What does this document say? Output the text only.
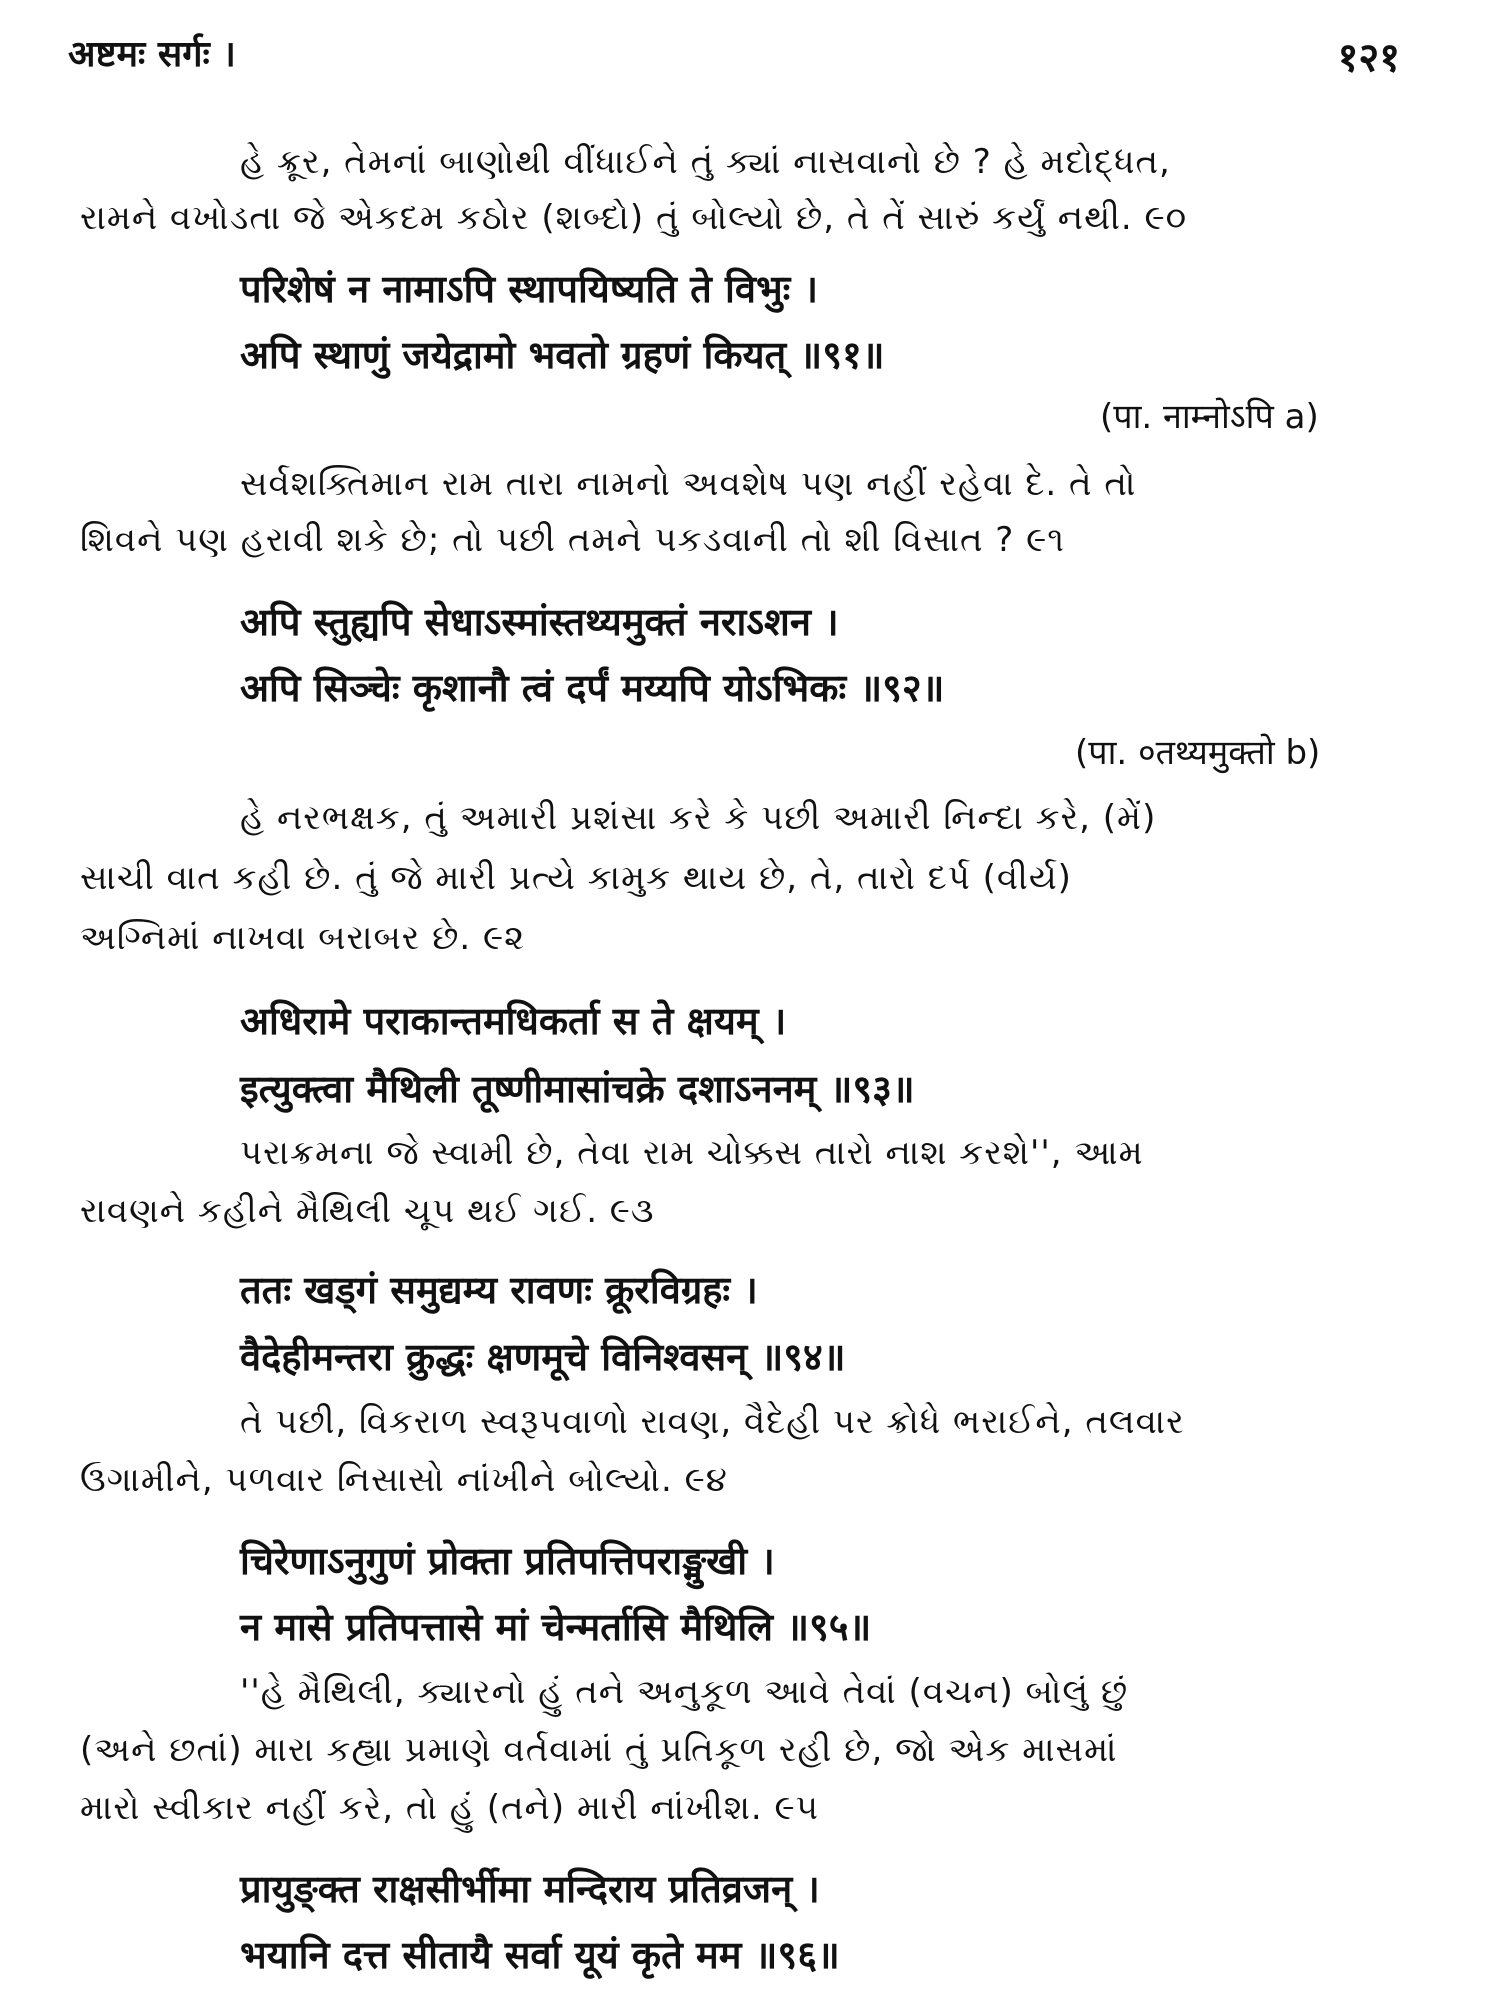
अष्टमः सर्गः ।	१२१
હે ક્રૂર, તેમનાં બાણોથી વીંધાઈને તું ક્યાં નાસવાનો છે ? હે મદોદ્ધત,
રામને વખોડતા જે એકદમ કઠોર (શબ્દો) તું બોલ્યો છે, તે તેં સારું કર્યું નથી. ૯૦
परिशेषं न नामाऽपि स्थापयिष्यति ते विभुः ।
अपि स्थाणुं जयेद्रामो भवतो ग्रहणं कियत् ॥९१॥
(पा. नाम्नोऽपि a)
સર્વશક્તિમાન રામ તારા નામનો અવશેષ પણ નહીં રહેવા દે. તે તો
શિવને પણ હરાવી શકે છે; તો પછી તમને પકડવાની તો શી વિસાત ? ૯૧
अपि स्तुह्यपि सेधाऽस्मांस्तथ्यमुक्तं नराऽशन ।
अपि सिञ्चेः कृशानौ त्वं दर्पं मय्यपि योऽभिकः ॥९२॥
(पा. ०तथ्यमुक्तो b)
હે નરભક્ષક, તું અમારી પ્રશંસા કરે કે પછી અમારી નિન્દા કરે, (મેં)
સાચી વાત કહી છે. તું જે મારી પ્રત્યે કામુક થાય છે, તે, તારો દર્પ (વીર્ય)
અગ્નિમાં નાખવા બરાબર છે. ૯૨
अधिरामे पराकान्तमधिकर्ता स ते क्षयम् ।
इत्युक्त्वा मैथिली तूष्णीमासांचक्रे दशाऽननम् ॥९३॥
પરાક્રમના જે સ્વામી છે, તેવા રામ ચોક્કસ તારો નાશ કરશે'', આમ
રાવણને કહીને મૈથિલી ચૂપ થઈ ગઈ. ૯૩
ततः खड्गं समुद्यम्य रावणः क्रूरविग्रहः ।
वैदेहीमन्तरा क्रुद्धः क्षणमूचे विनिश्वसन् ॥९४॥
તે પછી, વિકરાળ સ્વરૂપવાળો રાવણ, વૈદેહી પર ક્રોધે ભરાઈને, તલવાર
ઉગામીને, પળવાર નિસાસો નાંખીને બોલ્યો. ૯૪
चिरेणाऽनुगुणं प्रोक्ता प्रतिपत्तिपराङ्मुखी ।
न मासे प्रतिपत्तासे मां चेन्मर्तासि मैथिलि ॥९५॥
''હે મૈથિલી, ક્યારનો હું તને અનુકૂળ આવે તેવાં (વચન) બોલું છું
(અને છતાં) મારા કહ્યા પ્રમાણે વર્તવામાં તું પ્રતિકૂળ રહી છે, જો એક માસમાં
મારો સ્વીકાર નહીં કરે, તો હું (તને) મારી નાંખીશ. ૯૫
प्रायुङ्क्त राक्षसीर्भीमा मन्दिराय प्रतिव्रजन् ।
भयानि दत्त सीतायै सर्वा यूयं कृते मम ॥९६॥
